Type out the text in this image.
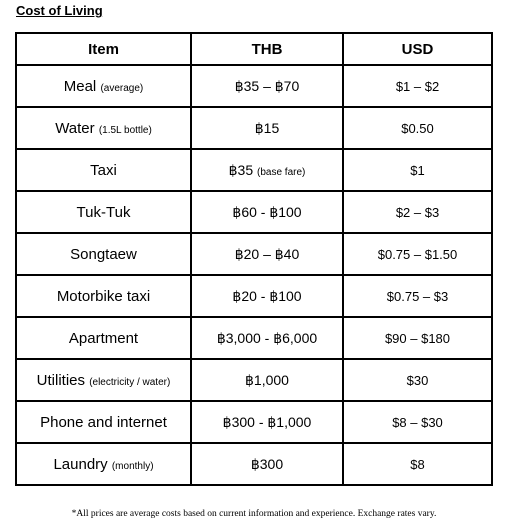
Cost of Living
Item	THB	USD
Meal (average)	฿35 – ฿70	$1 – $2
Water (1.5L bottle)	฿15	$0.50
Taxi	฿35 (base fare)	$1
Tuk-Tuk	฿60 - ฿100	$2 – $3
Songtaew	฿20 – ฿40	$0.75 – $1.50
Motorbike taxi	฿20 - ฿100	$0.75 – $3
Apartment	฿3,000 - ฿6,000	$90 – $180
Utilities (electricity / water)	฿1,000	$30
Phone and internet	฿300 - ฿1,000	$8 – $30
Laundry (monthly)	฿300	$8
*All prices are average costs based on current information and experience. Exchange rates vary.
